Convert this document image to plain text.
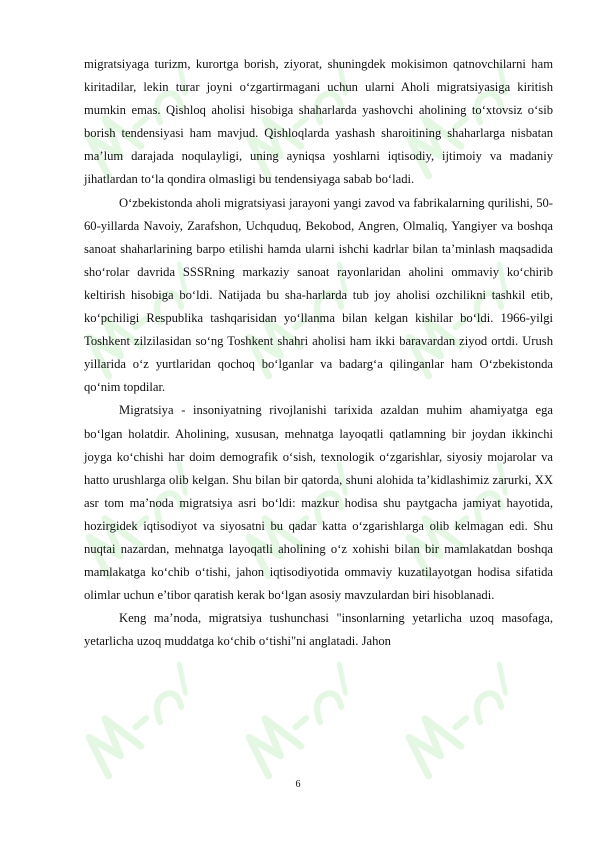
migratsiyaga turizm, kurortga borish, ziyorat, shuningdek mokisimon qatnovchilarni ham kiritadilar, lekin turar joyni o‘zgartirmagani uchun ularni Aholi migratsiyasiga kiritish mumkin emas. Qishloq aholisi hisobiga shaharlarda yashovchi aholining to‘xtovsiz o‘sib borish tendensiyasi ham mavjud. Qishloqlarda yashash sharoitining shaharlarga nisbatan ma’lum darajada noqulayligi, uning ayniqsa yoshlarni iqtisodiy, ijtimoiy va madaniy jihatlardan to‘la qondira olmasligi bu tendensiyaga sabab bo‘ladi.

O‘zbekistonda aholi migratsiyasi jarayoni yangi zavod va fabrikalarning qurilishi, 50-60-yillarda Navoiy, Zarafshon, Uchquduq, Bekobod, Angren, Olmaliq, Yangiyer va boshqa sanoat shaharlarining barpo etilishi hamda ularni ishchi kadrlar bilan ta’minlash maqsadida sho‘rolar davrida SSSRning markaziy sanoat rayonlaridan aholini ommaviy ko‘chirib keltirish hisobiga bo‘ldi. Natijada bu sha-harlarda tub joy aholisi ozchilikni tashkil etib, ko‘pchiligi Respublika tashqarisidan yo‘llanma bilan kelgan kishilar bo‘ldi. 1966-yilgi Toshkent zilzilasidan so‘ng Toshkent shahri aholisi ham ikki baravardan ziyod ortdi. Urush yillarida o‘z yurtlaridan qochoq bo‘lganlar va badarg‘a qilinganlar ham O‘zbekistonda qo‘nim topdilar.

Migratsiya - insoniyatning rivojlanishi tarixida azaldan muhim ahamiyatga ega bo‘lgan holatdir. Aholining, xususan, mehnatga layoqatli qatlamning bir joydan ikkinchi joyga ko‘chishi har doim demografik o‘sish, texnologik o‘zgarishlar, siyosiy mojarolar va hatto urushlarga olib kelgan. Shu bilan bir qatorda, shuni alohida ta’kidlashimiz zarurki, XX asr tom ma’noda migratsiya asri bo‘ldi: mazkur hodisa shu paytgacha jamiyat hayotida, hozirgidek iqtisodiyot va siyosatni bu qadar katta o‘zgarishlarga olib kelmagan edi. Shu nuqtai nazardan, mehnatga layoqatli aholining o‘z xohishi bilan bir mamlakatdan boshqa mamlakatga ko‘chib o‘tishi, jahon iqtisodiyotida ommaviy kuzatilayotgan hodisa sifatida olimlar uchun e’tibor qaratish kerak bo‘lgan asosiy mavzulardan biri hisoblanadi.

Keng ma’noda, migratsiya tushunchasi "insonlarning yetarlicha uzoq masofaga, yetarlicha uzoq muddatga ko‘chib o‘tishi"ni anglatadi. Jahon

6
